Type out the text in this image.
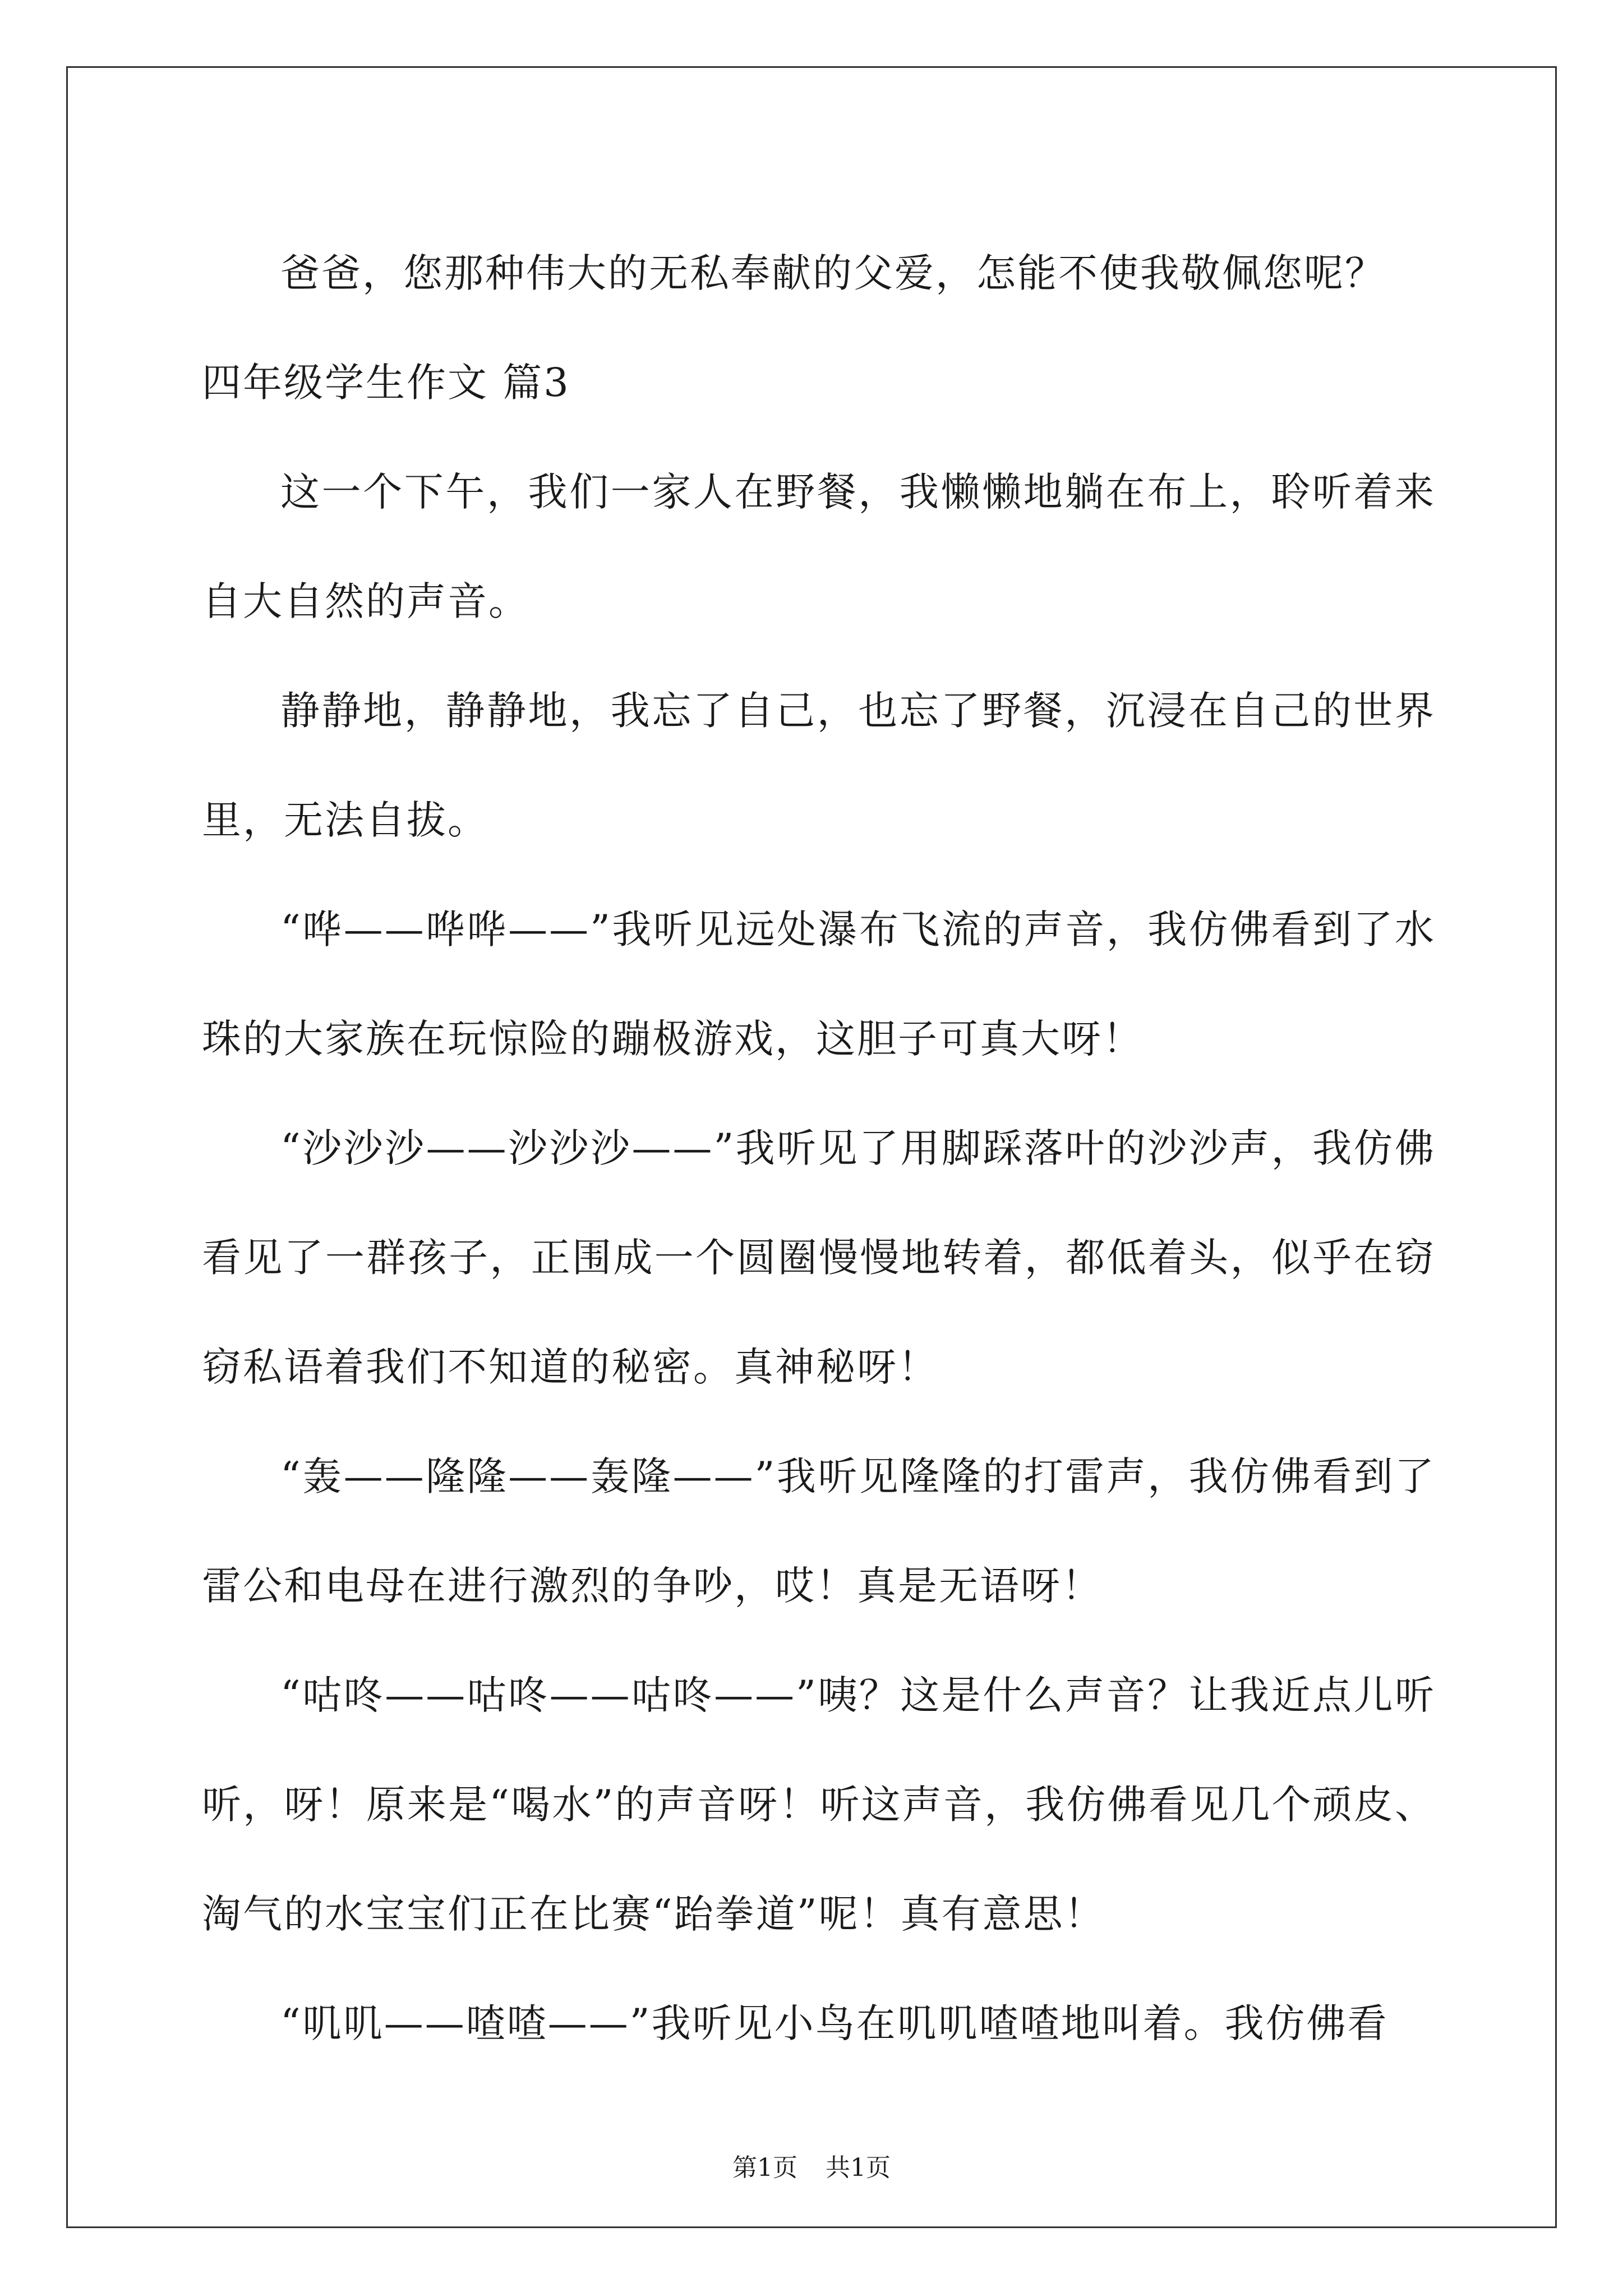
爸爸，您那种伟大的无私奉献的父爱，怎能不使我敬佩您呢？

四年级学生作文 篇3

这一个下午，我们一家人在野餐，我懒懒地躺在布上，聆听着来自大自然的声音。

静静地，静静地，我忘了自己，也忘了野餐，沉浸在自己的世界里，无法自拔。

“哗——哗哗——”我听见远处瀑布飞流的声音，我仿佛看到了水珠的大家族在玩惊险的蹦极游戏，这胆子可真大呀！

“沙沙沙——沙沙沙——”我听见了用脚踩落叶的沙沙声，我仿佛看见了一群孩子，正围成一个圆圈慢慢地转着，都低着头，似乎在窃窃私语着我们不知道的秘密。真神秘呀！

“轰——隆隆——轰隆——”我听见隆隆的打雷声，我仿佛看到了雷公和电母在进行激烈的争吵，哎！真是无语呀！

“咕咚——咕咚——咕咚——”咦？这是什么声音？让我近点儿听听，呀！原来是“喝水”的声音呀！听这声音，我仿佛看见几个顽皮、淘气的水宝宝们正在比赛“跆拳道”呢！真有意思！

“叽叽——喳喳——”我听见小鸟在叽叽喳喳地叫着。我仿佛看

第1页 共1页
